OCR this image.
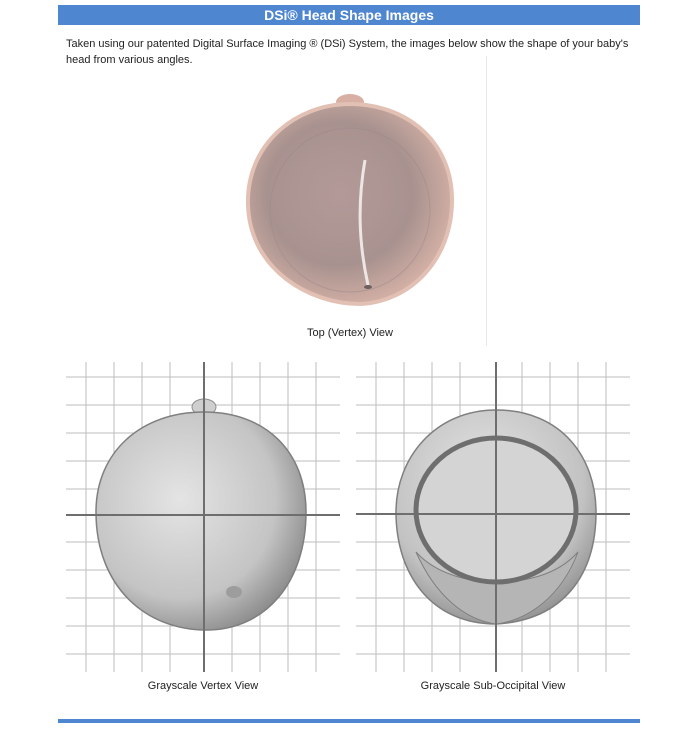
DSi® Head Shape Images
Taken using our patented Digital Surface Imaging ® (DSi) System, the images below show the shape of your baby's head from various angles.
Top (Vertex) View
Grayscale Vertex View	Grayscale Sub-Occipital View
